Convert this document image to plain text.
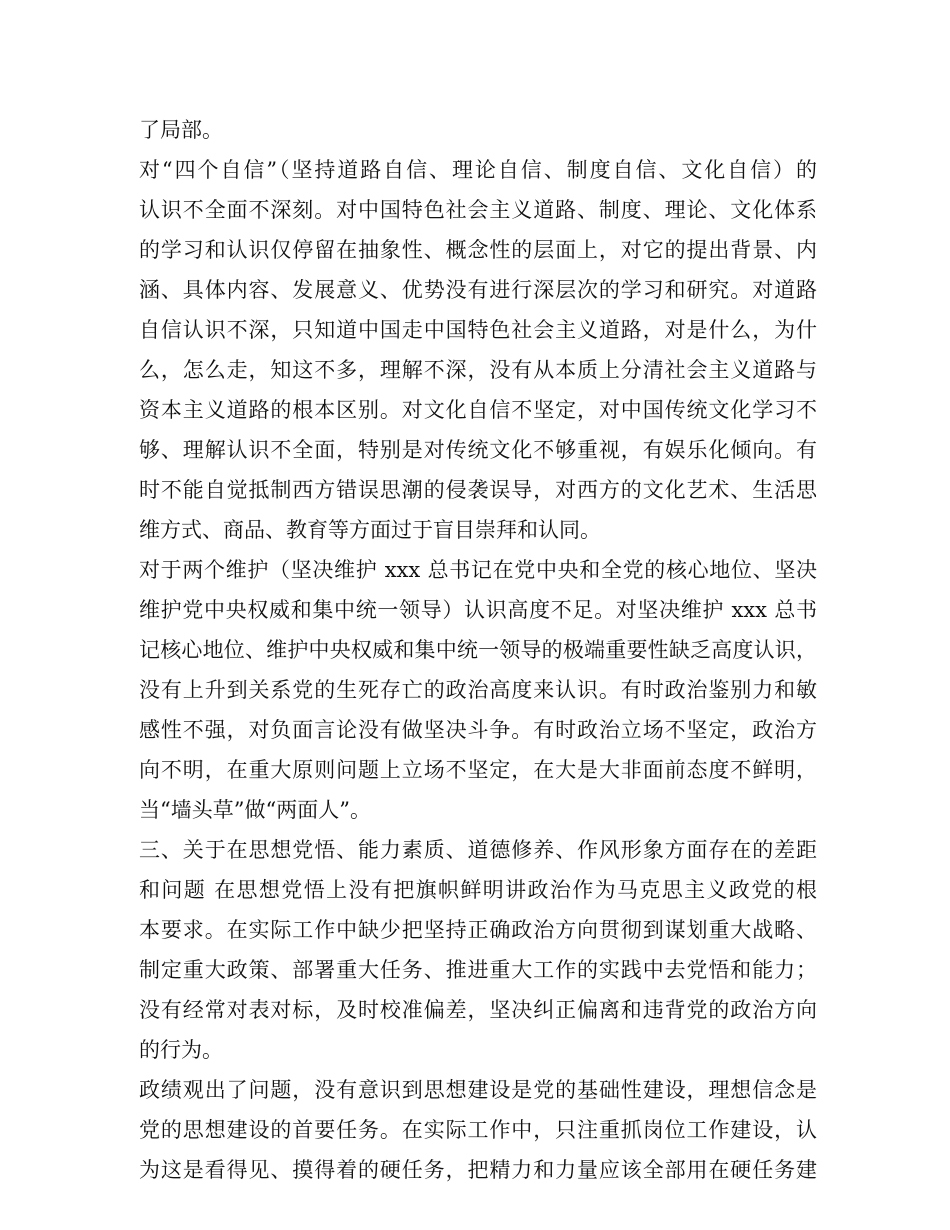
了局部。
对“四个自信”（坚持道路自信、理论自信、制度自信、文化自信）的
认识不全面不深刻。对中国特色社会主义道路、制度、理论、文化体系
的学习和认识仅停留在抽象性、概念性的层面上，对它的提出背景、内
涵、具体内容、发展意义、优势没有进行深层次的学习和研究。对道路
自信认识不深，只知道中国走中国特色社会主义道路，对是什么，为什
么，怎么走，知这不多，理解不深，没有从本质上分清社会主义道路与
资本主义道路的根本区别。对文化自信不坚定，对中国传统文化学习不
够、理解认识不全面，特别是对传统文化不够重视，有娱乐化倾向。有
时不能自觉抵制西方错误思潮的侵袭误导，对西方的文化艺术、生活思
维方式、商品、教育等方面过于盲目崇拜和认同。
对于两个维护（坚决维护 xxx 总书记在党中央和全党的核心地位、坚决
维护党中央权威和集中统一领导）认识高度不足。对坚决维护 xxx 总书
记核心地位、维护中央权威和集中统一领导的极端重要性缺乏高度认识，
没有上升到关系党的生死存亡的政治高度来认识。有时政治鉴别力和敏
感性不强，对负面言论没有做坚决斗争。有时政治立场不坚定，政治方
向不明，在重大原则问题上立场不坚定，在大是大非面前态度不鲜明，
当“墙头草”做“两面人”。
三、关于在思想党悟、能力素质、道德修养、作风形象方面存在的差距
和问题 在思想党悟上没有把旗帜鲜明讲政治作为马克思主义政党的根
本要求。在实际工作中缺少把坚持正确政治方向贯彻到谋划重大战略、
制定重大政策、部署重大任务、推进重大工作的实践中去党悟和能力；
没有经常对表对标，及时校准偏差，坚决纠正偏离和违背党的政治方向
的行为。
政绩观出了问题，没有意识到思想建设是党的基础性建设，理想信念是
党的思想建设的首要任务。在实际工作中，只注重抓岗位工作建设，认
为这是看得见、摸得着的硬任务，把精力和力量应该全部用在硬任务建
